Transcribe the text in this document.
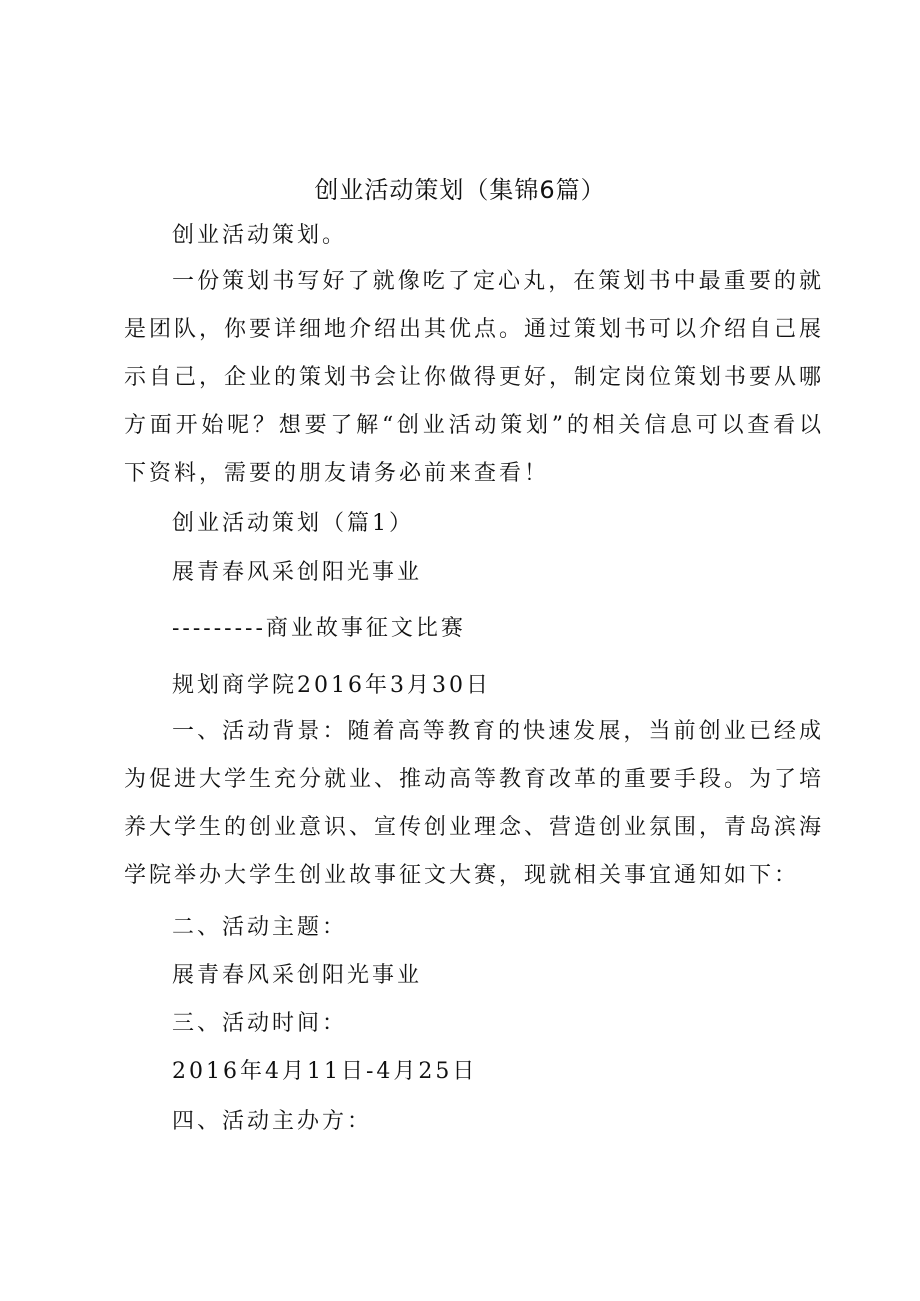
创业活动策划（集锦6篇）
创业活动策划。

一份策划书写好了就像吃了定心丸，在策划书中最重要的就是团队，你要详细地介绍出其优点。通过策划书可以介绍自己展示自己，企业的策划书会让你做得更好，制定岗位策划书要从哪方面开始呢？想要了解“创业活动策划”的相关信息可以查看以下资料，需要的朋友请务必前来查看！

创业活动策划（篇1）
展青春风采创阳光事业
---------商业故事征文比赛
规划商学院2016年3月30日

一、活动背景：随着高等教育的快速发展，当前创业已经成为促进大学生充分就业、推动高等教育改革的重要手段。为了培养大学生的创业意识、宣传创业理念、营造创业氛围，青岛滨海学院举办大学生创业故事征文大赛，现就相关事宜通知如下：

二、活动主题：
展青春风采创阳光事业
三、活动时间：
2016年4月11日-4月25日
四、活动主办方：
